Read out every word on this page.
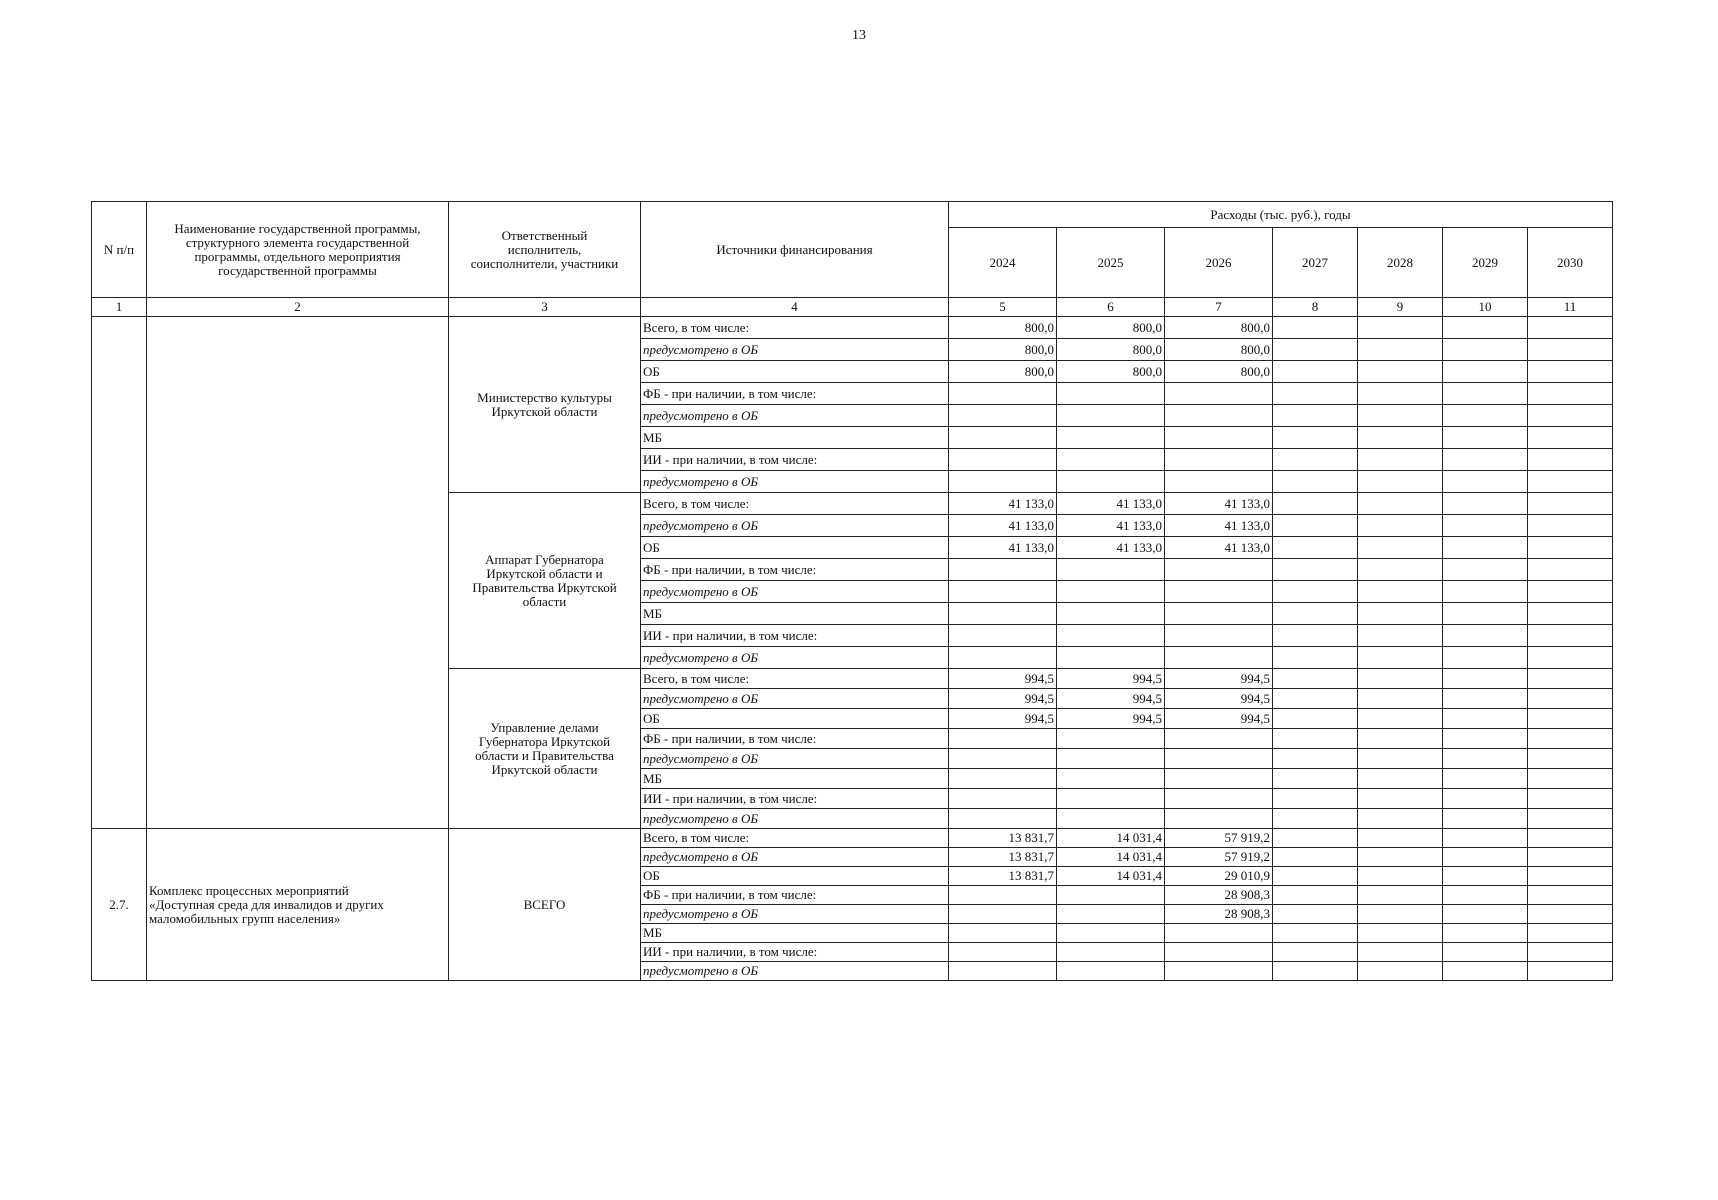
13
N п/п	Наименование государственной программы,
структурного элемента государственной
программы, отдельного мероприятия
государственной программы	Ответственный
исполнитель,
соисполнители, участники	Источники финансирования	Расходы (тыс. руб.), годы						
				2024	2025	2026	2027	2028	2029	2030
1	2	3	4	5	6	7	8	9	10	11

		Министерство культуры
Иркутской области	Всего, в том числе:	800,0	800,0	800,0				
			предусмотрено в ОБ	800,0	800,0	800,0				
			ОБ	800,0	800,0	800,0				
			ФБ - при наличии, в том числе:							
			предусмотрено в ОБ							
			МБ							
			ИИ - при наличии, в том числе:							
			предусмотрено в ОБ							

		Аппарат Губернатора
Иркутской области и
Правительства Иркутской
области	Всего, в том числе:	41 133,0	41 133,0	41 133,0				
			предусмотрено в ОБ	41 133,0	41 133,0	41 133,0				
			ОБ	41 133,0	41 133,0	41 133,0				
			ФБ - при наличии, в том числе:							
			предусмотрено в ОБ							
			МБ							
			ИИ - при наличии, в том числе:							
			предусмотрено в ОБ							

		Управление делами
Губернатора Иркутской
области и Правительства
Иркутской области	Всего, в том числе:	994,5	994,5	994,5				
			предусмотрено в ОБ	994,5	994,5	994,5				
			ОБ	994,5	994,5	994,5				
			ФБ - при наличии, в том числе:							
			предусмотрено в ОБ							
			МБ							
			ИИ - при наличии, в том числе:							
			предусмотрено в ОБ							
2.7.	Комплекс процессных мероприятий
«Доступная среда для инвалидов и других
маломобильных групп населения»	ВСЕГО	Всего, в том числе:	13 831,7	14 031,4	57 919,2				
			предусмотрено в ОБ	13 831,7	14 031,4	57 919,2				
			ОБ	13 831,7	14 031,4	29 010,9				
			ФБ - при наличии, в том числе:			28 908,3				
			предусмотрено в ОБ			28 908,3				
			МБ							
			ИИ - при наличии, в том числе:							
			предусмотрено в ОБ							
